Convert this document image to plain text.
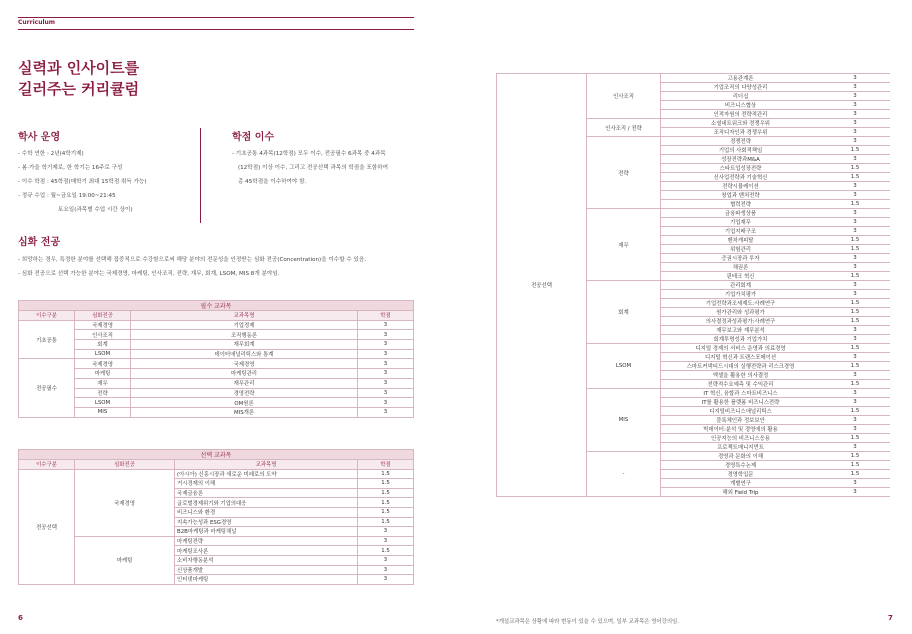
Curriculum
실력과 인사이트를
길러주는 커리큘럼
학사 운영
- 수학 연한 : 2년(4학기제)
- 봄·가을 학기제로, 한 학기는 16주로 구성
- 이수 학점 : 45학점(매학기 최대 15학점 취득 가능)
- 정규 수업 : 월~금요일 19:00~21:45
토요일(과목별 수업 시간 상이)
학점 이수
- 기초공통 4과목(12학점) 모두 이수, 전공필수 6과목 중 4과목
(12학점) 이상 이수, 그리고 전공선택 과목의 학점을 포함하여
총 45학점을 이수하여야 함.
심화 전공
- 희망하는 경우, 특정한 분야를 선택해 집중적으로 수강함으로써 해당 분야의 전문성을 인정받는 심화 전공(Concentration)을 이수할 수 있음.
- 심화 전공으로 선택 가능한 분야는 국제경영, 마케팅, 인사조직, 전략, 재무, 회계, LSOM, MIS 8개 분야임.
필수 교과목			
이수구분	심화전공	교과목명	학점
기초공통	국제경영	기업경제	3
	인사조직	조직행동론	3
	회계	재무회계	3
	LSOM	데이터애널리틱스와 통계	3
전공필수	국제경영	국제경영	3
	마케팅	마케팅관리	3
	재무	재무관리	3
	전략	경영전략	3
	LSOM	OM원론	3
	MIS	MIS개론	3
선택 교과목			
이수구분	심화전공	교과목명	학점
전공선택	국제경영	(아시아) 신흥시장과 새로운 미래로의 도약	1.5
		거시경제의 이해	1.5
		국제금융론	1.5
		글로벌경제위기와 기업의대응	1.5
		비즈니스와 환경	1.5
		지속가능성과 ESG경영	1.5
		B2B마케팅과 마케팅채널	3
	마케팅	마케팅전략	3
		마케팅조사론	1.5
		소비자행동분석	3
		신상품개발	3
		인터넷마케팅	3
6
전공선택	인사조직	고용관계론	3
		기업조직의 다양성관리	3
		리더십	3
		비즈니스협상	3
		인적자원의 전략적관리	3
	인사조직 / 전략	소셜네트워크와 경쟁우위	3
		조직디자인과 경쟁우위	3
	전략	경쟁전략	3
		기업의 사회적책임	1.5
		성장전략과M&A	3
		스타트업성장전략	1.5
		신사업전략과 기술혁신	1.5
		전략시뮬레이션	3
		창업과 벤처전략	3
		협력전략	1.5
	재무	금융파생상품	3
		기업재무	3
		기업지배구조	3
		벤처캐피탈	1.5
		위험관리	1.5
		증권시장과 투자	3
		채권론	3
		핀테크 혁신	1.5
	회계	관리회계	3
		기업가치평가	3
		기업전략과조세제도:사례연구	1.5
		원가관리와 성과평가	1.5
		의사결정과성과평가:사례연구	1.5
		재무보고와 재무분석	3
		회계투명성과 기업가치	3
	LSOM	디지털 경제의 서비스 운영과 의료경영	1.5
		디지털 혁신과 트랜스포메이션	3
		스마트커넥티드시대의 실행전략과 리스크경영	1.5
		엑셀을 활용한 의사결정	3
		전략적수요예측 및 수익관리	1.5
	MIS	IT 혁신, 융합과 스마트비즈니스	3
		IT를 활용한 플랫폼 비즈니스전략	3
		디지털비즈니스애널리틱스	1.5
		블록체인과 정보보안	3
		빅데이터:분석 및 경영에의 활용	3
		인공지능의 비즈니스응용	1.5
		프로젝트매니지먼트	3
	-	경영과 문화의 이해	1.5
		경영특수논제	1.5
		경영학입문	1.5
		개별연구	3
		해외 Field Trip	3
*개설교과목은 상황에 따라 변동이 있을 수 있으며, 일부 교과목은 영어강의임.	7
